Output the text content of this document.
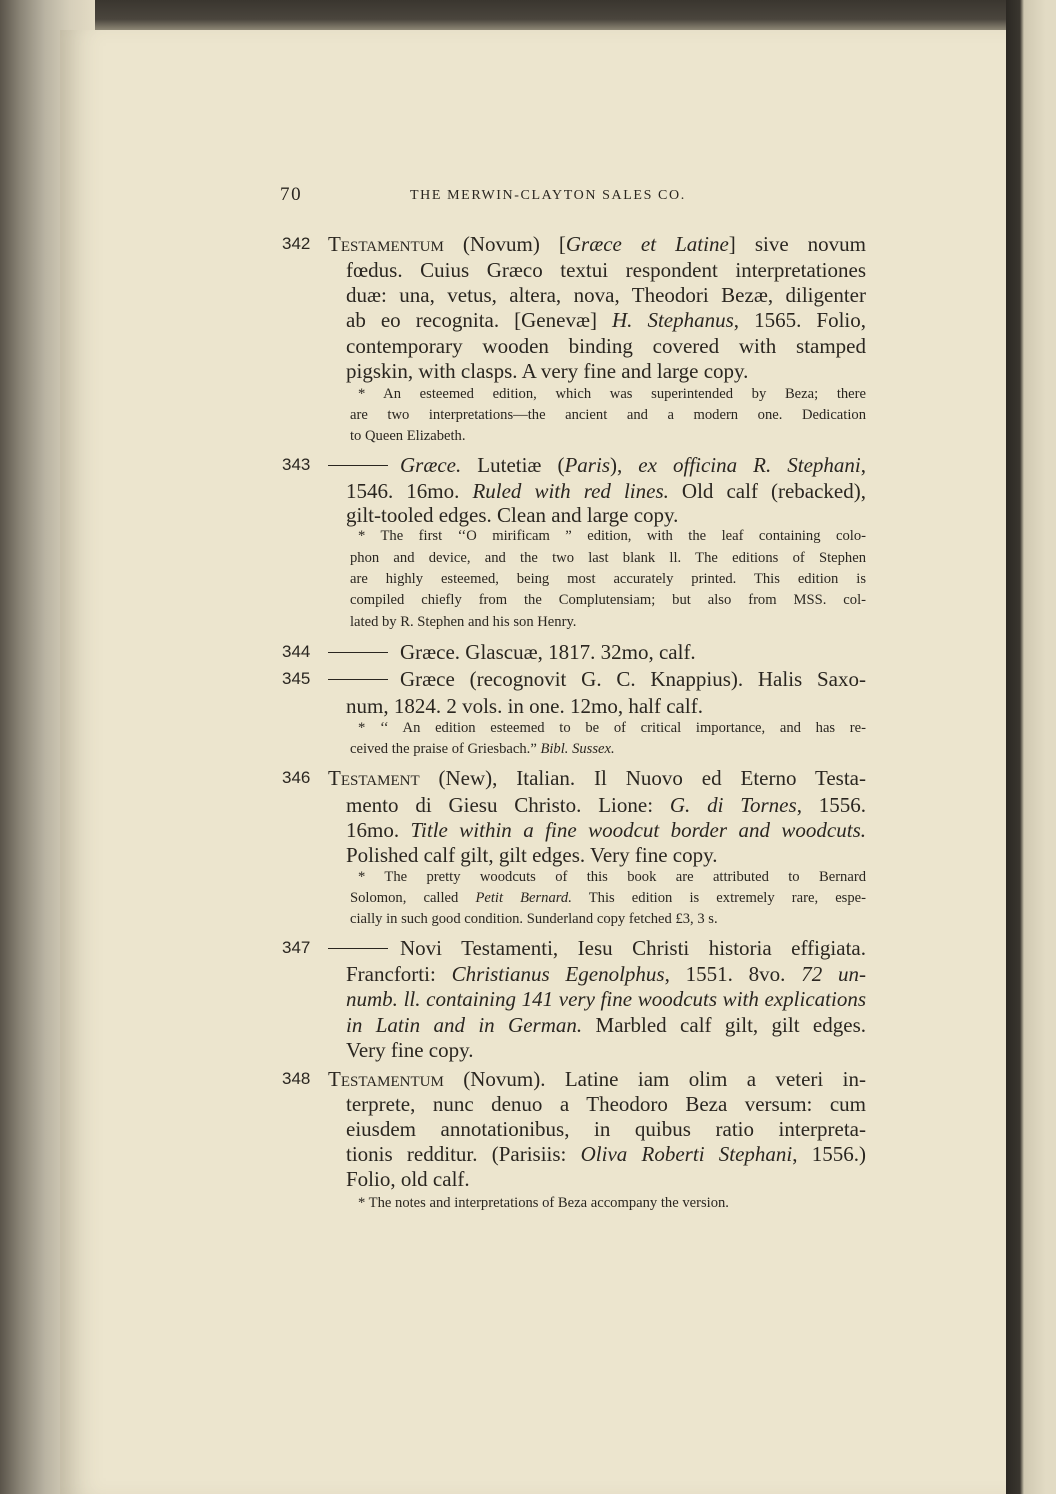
70	THE MERWIN-CLAYTON SALES CO.
342 Testamentum (Novum) [Græce et Latine] sive novum
fœdus. Cuius Græco textui respondent interpretationes
duæ: una, vetus, altera, nova, Theodori Bezæ, diligenter
ab eo recognita. [Genevæ] H. Stephanus, 1565. Folio,
contemporary wooden binding covered with stamped
pigskin, with clasps. A very fine and large copy.
* An esteemed edition, which was superintended by Beza; there
are two interpretations—the ancient and a modern one. Dedication
to Queen Elizabeth.
343	Græce. Lutetiæ (Paris), ex officina R. Stephani,
1546. 16mo. Ruled with red lines. Old calf (rebacked),
gilt-tooled edges. Clean and large copy.
* The first ‘‘O mirificam ” edition, with the leaf containing colo-
phon and device, and the two last blank ll. The editions of Stephen
are highly esteemed, being most accurately printed. This edition is
compiled chiefly from the Complutensiam; but also from MSS. col-
lated by R. Stephen and his son Henry.
344	Græce. Glascuæ, 1817. 32mo, calf.
345	Græce (recognovit G. C. Knappius). Halis Saxo-
num, 1824. 2 vols. in one. 12mo, half calf.
* ‘‘ An edition esteemed to be of critical importance, and has re-
ceived the praise of Griesbach.” Bibl. Sussex.
346 Testament (New), Italian. Il Nuovo ed Eterno Testa-
mento di Giesu Christo. Lione: G. di Tornes, 1556.
16mo. Title within a fine woodcut border and woodcuts.
Polished calf gilt, gilt edges. Very fine copy.
* The pretty woodcuts of this book are attributed to Bernard
Solomon, called Petit Bernard. This edition is extremely rare, espe-
cially in such good condition. Sunderland copy fetched £3, 3 s.
347	Novi Testamenti, Iesu Christi historia effigiata.
Francforti: Christianus Egenolphus, 1551. 8vo. 72 un-
numb. ll. containing 141 very fine woodcuts with explications
in Latin and in German. Marbled calf gilt, gilt edges.
Very fine copy.
348 Testamentum (Novum). Latine iam olim a veteri in-
terprete, nunc denuo a Theodoro Beza versum: cum
eiusdem annotationibus, in quibus ratio interpreta-
tionis redditur. (Parisiis: Oliva Roberti Stephani, 1556.)
Folio, old calf.
* The notes and interpretations of Beza accompany the version.
